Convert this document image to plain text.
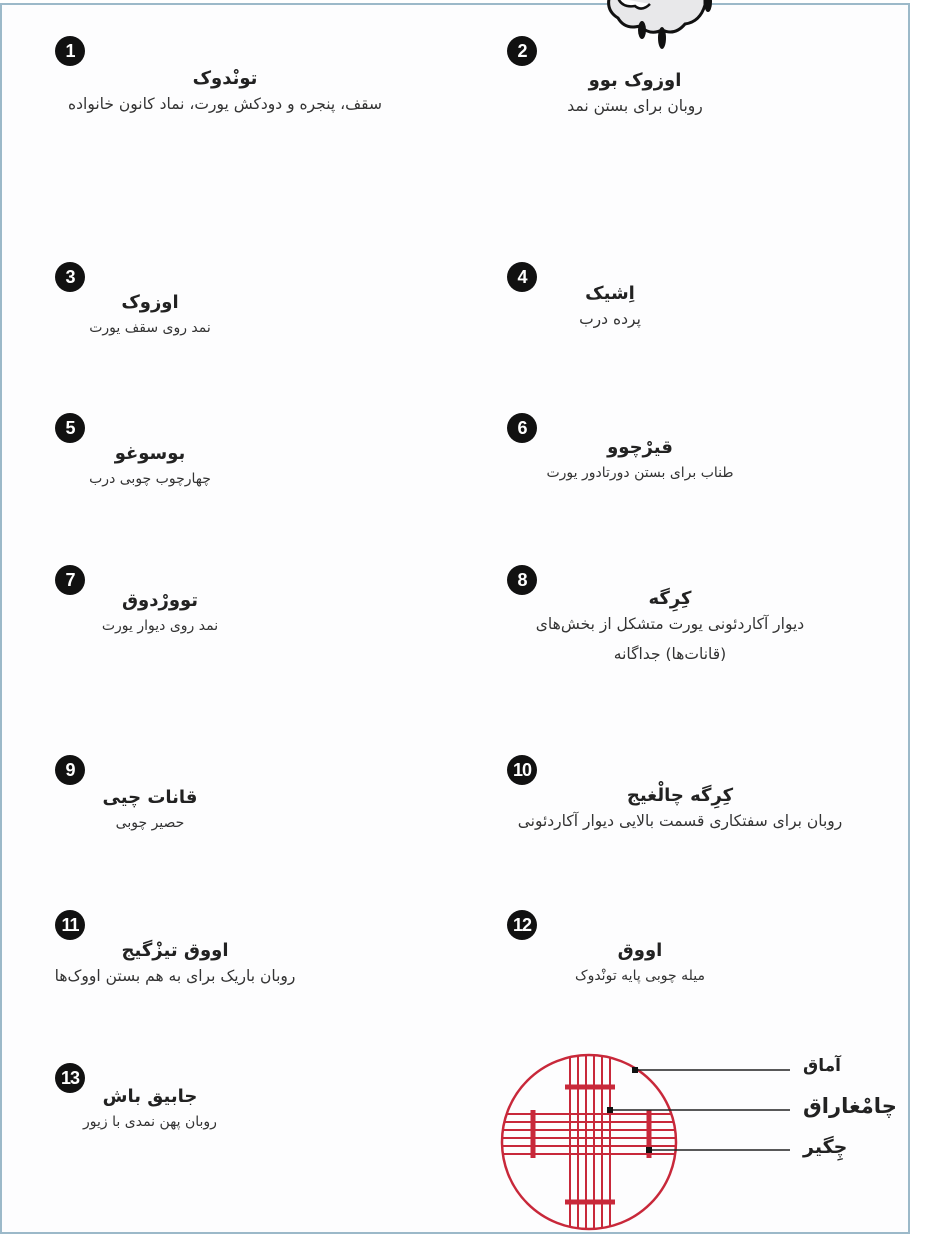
1
تونْدوک
سقف، پنجره و دودکش یورت، نماد کانون خانواده
2
اوزوک بوو
روبان برای بستن نمد
3
اوزوک
نمد روی سقف یورت
4
اِشیک
پرده درب
5
بوسوغو
چهارچوب چوبی درب
6
قیرْچوو
طناب برای بستن دورتادور یورت
7
توورْدوق
نمد روی دیوار یورت
8
کِرِگه
دیوار آکاردئونی یورت متشکل از بخش‌های (قانات‌ها) جداگانه
9
قانات چیی
حصیر چوبی
10
کِرِگه چالْغیج
روبان برای سفتکاری قسمت بالایی دیوار آکاردئونی
11
اووق تیزْگیج
روبان باریک برای به هم بستن اووک‌ها
12
اووق
میله چوبی پایه تونْدوک
13
جابیق باش
روبان پهن نمدی با زیور
آماق
چامْغاراق
چِگیر
